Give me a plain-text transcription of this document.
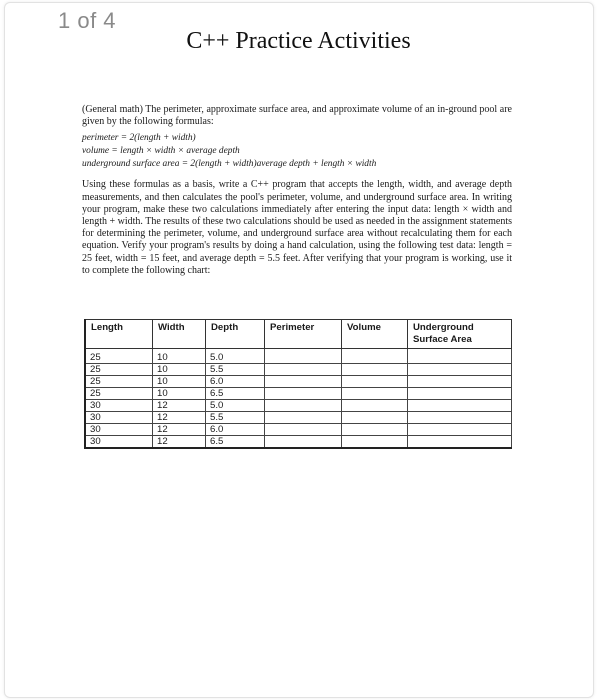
1 of 4
C++ Practice Activities

(General math) The perimeter, approximate surface area, and approximate volume of an in-ground pool are given by the following formulas:

perimeter = 2(length + width)
volume = length × width × average depth
underground surface area = 2(length + width)average depth + length × width

Using these formulas as a basis, write a C++ program that accepts the length, width, and average depth measurements, and then calculates the pool's perimeter, volume, and underground surface area. In writing your program, make these two calculations immediately after entering the input data: length × width and length + width. The results of these two calculations should be used as needed in the assignment statements for determining the perimeter, volume, and underground surface area without recalculating them for each equation. Verify your program's results by doing a hand calculation, using the following test data: length = 25 feet, width = 15 feet, and average depth = 5.5 feet. After verifying that your program is working, use it to complete the following chart:

Length	Width	Depth	Perimeter	Volume	Underground Surface Area
25	10	5.0			
25	10	5.5			
25	10	6.0			
25	10	6.5			
30	12	5.0			
30	12	5.5			
30	12	6.0			
30	12	6.5			
